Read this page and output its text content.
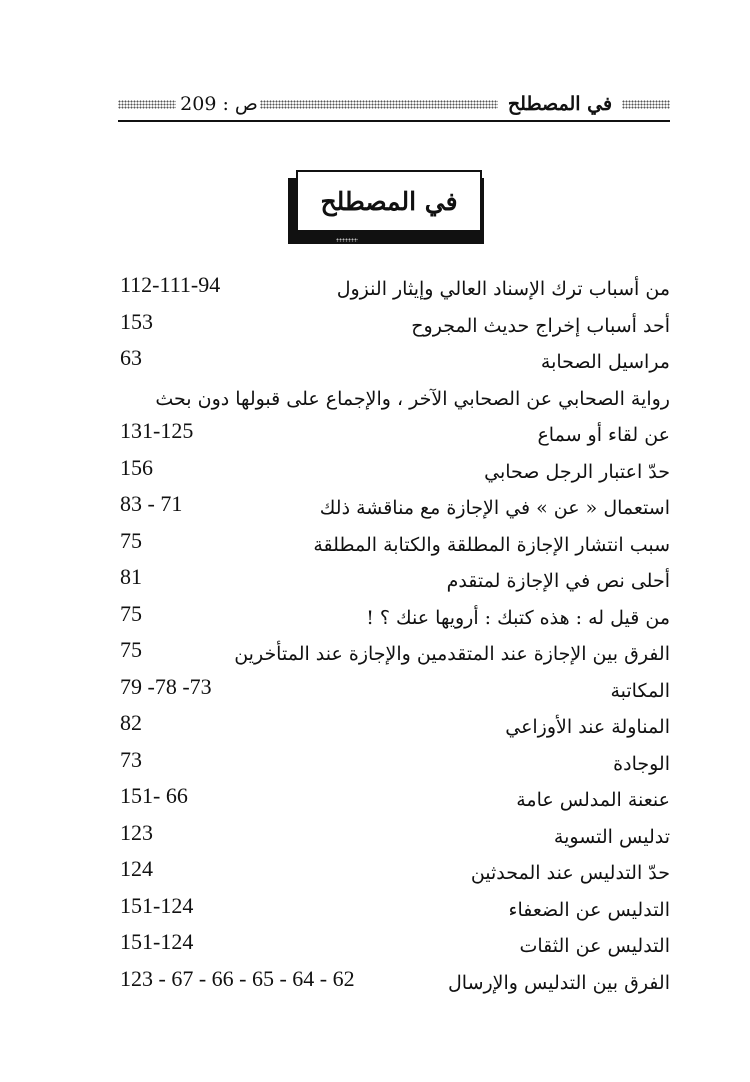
ص : 209	في المصطلح
في المصطلح
من أسباب ترك الإسناد العالي وإيثار النزول
112-111-94
أحد أسباب إخراج حديث المجروح
153
مراسيل الصحابة
63
رواية الصحابي عن الصحابي الآخر ، والإجماع على قبولها دون بحث
عن لقاء أو سماع
131-125
حدّ اعتبار الرجل صحابي
156
استعمال « عن » في الإجازة مع مناقشة ذلك
83 - 71
سبب انتشار الإجازة المطلقة والكتابة المطلقة
75
أحلى نص في الإجازة لمتقدم
81
من قيل له : هذه كتبك : أرويها عنك ؟ !
75
الفرق بين الإجازة عند المتقدمين والإجازة عند المتأخرين
75
المكاتبة
79 -78 -73
المناولة عند الأوزاعي
82
الوجادة
73
عنعنة المدلس عامة
151- 66
تدليس التسوية
123
حدّ التدليس عند المحدثين
124
التدليس عن الضعفاء
151-124
التدليس عن الثقات
151-124
الفرق بين التدليس والإرسال
123 - 67 - 66 - 65 - 64 - 62
